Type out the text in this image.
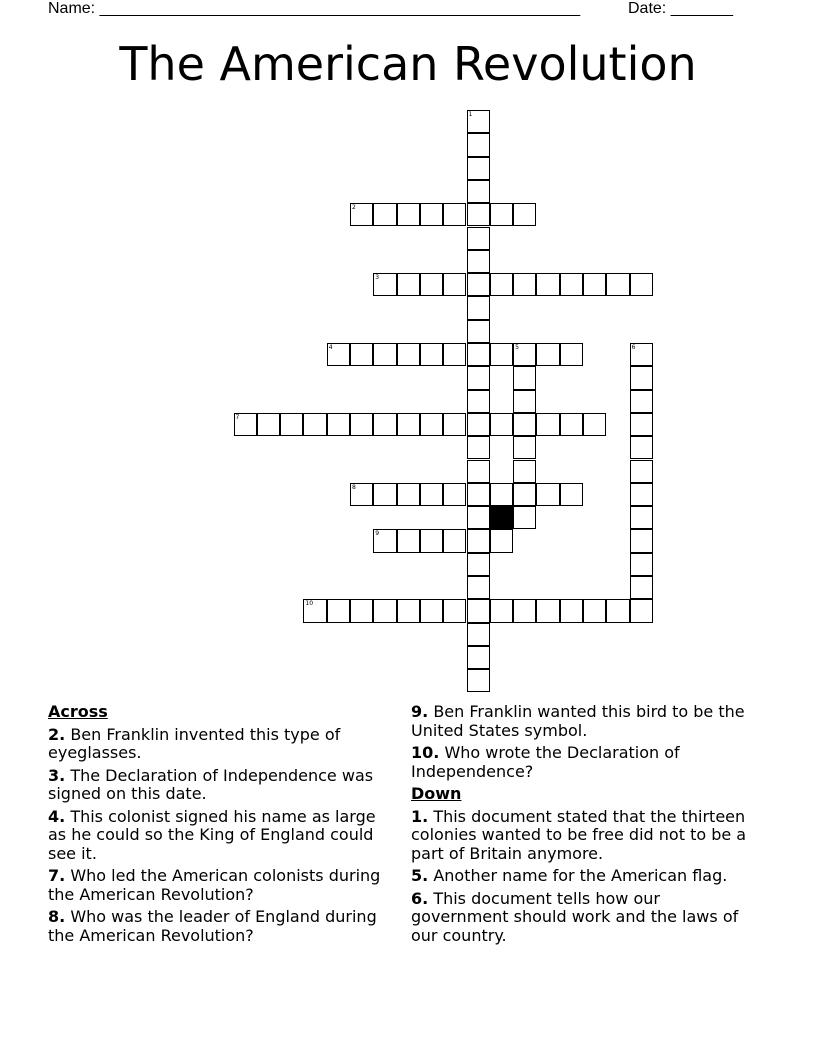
Name: ______________________________________________________	Date: _______
The American Revolution
1
2
3
4	5	6
7
8
9
10
Across
2. Ben Franklin invented this type of eyeglasses.
3. The Declaration of Independence was signed on this date.
4. This colonist signed his name as large as he could so the King of England could see it.
7. Who led the American colonists during the American Revolution?
8. Who was the leader of England during the American Revolution?
9. Ben Franklin wanted this bird to be the United States symbol.
10. Who wrote the Declaration of Independence?
Down
1. This document stated that the thirteen colonies wanted to be free did not to be a part of Britain anymore.
5. Another name for the American flag.
6. This document tells how our government should work and the laws of our country.
